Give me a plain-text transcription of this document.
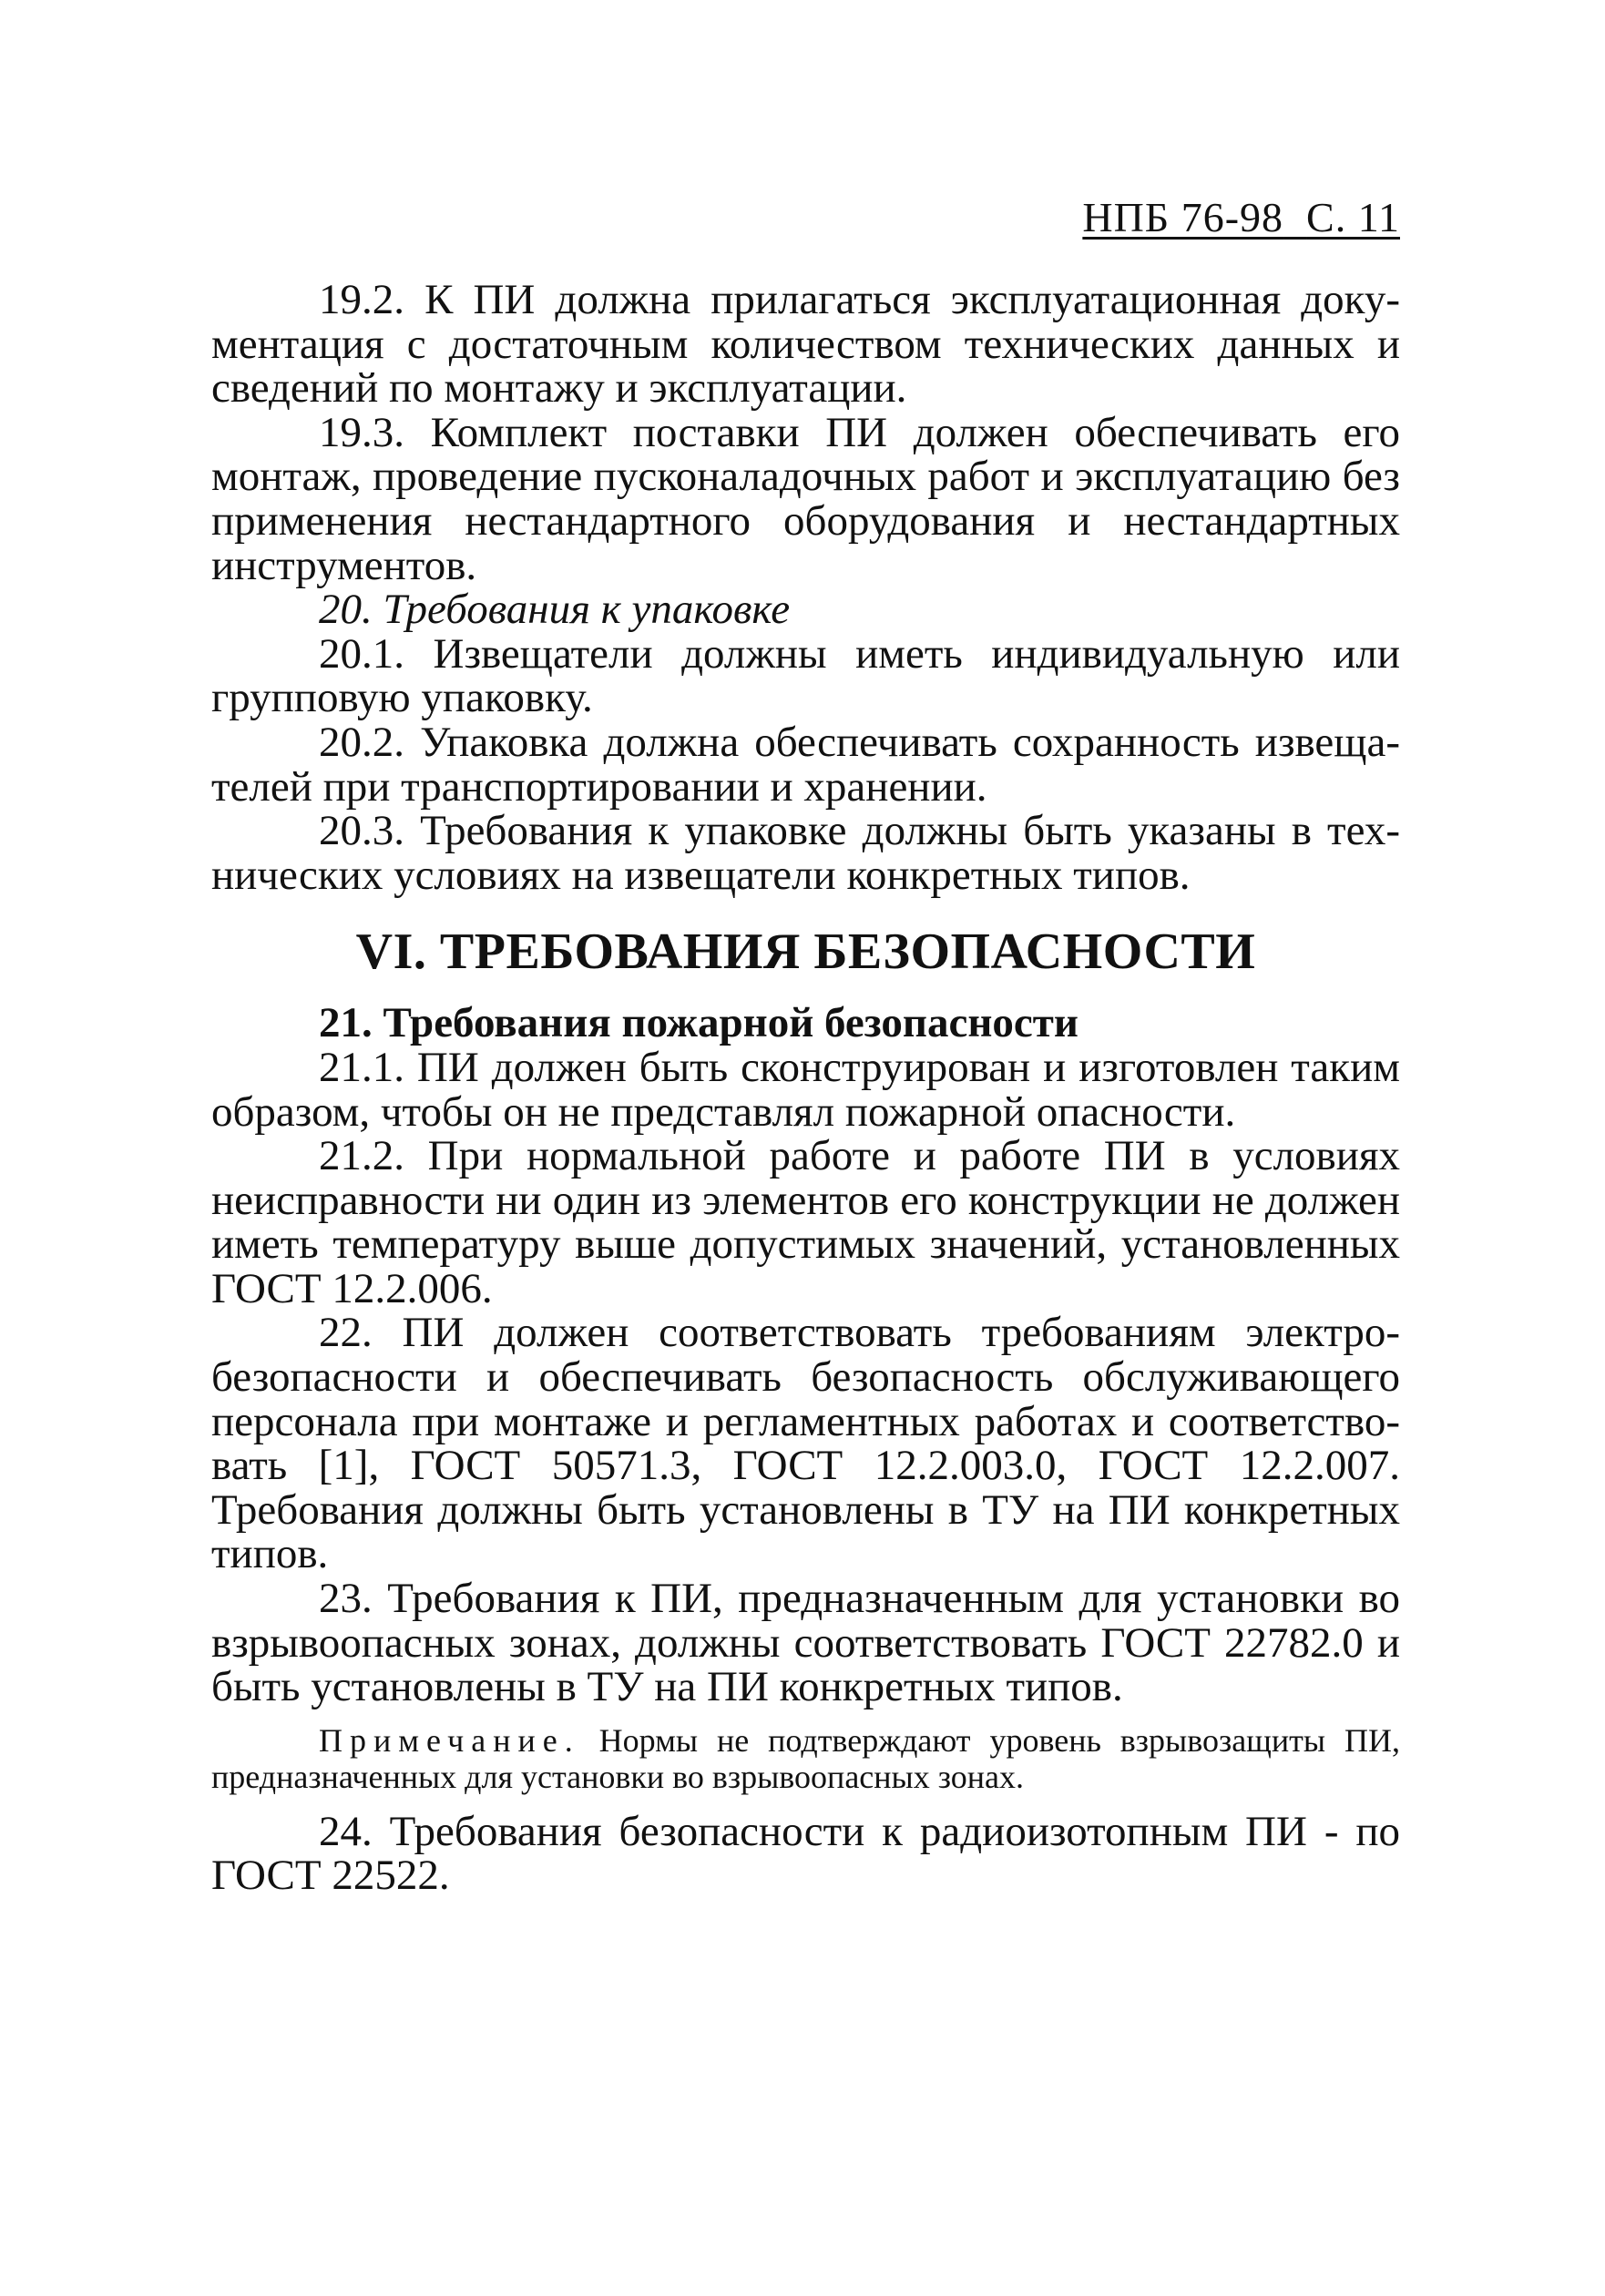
НПБ 76-98 С. 11

19.2. К ПИ должна прилагаться эксплуатационная документация с достаточным количеством технических данных и сведений по монтажу и эксплуатации.

19.3. Комплект поставки ПИ должен обеспечивать его монтаж, проведение пусконаладочных работ и эксплуатацию без применения нестандартного оборудования и нестандартных инструментов.

20. Требования к упаковке

20.1. Извещатели должны иметь индивидуальную или групповую упаковку.

20.2. Упаковка должна обеспечивать сохранность извещателей при транспортировании и хранении.

20.3. Требования к упаковке должны быть указаны в технических условиях на извещатели конкретных типов.

VI. ТРЕБОВАНИЯ БЕЗОПАСНОСТИ

21. Требования пожарной безопасности

21.1. ПИ должен быть сконструирован и изготовлен таким образом, чтобы он не представлял пожарной опасности.

21.2. При нормальной работе и работе ПИ в условиях неисправности ни один из элементов его конструкции не должен иметь температуру выше допустимых значений, установленных ГОСТ 12.2.006.

22. ПИ должен соответствовать требованиям электробезопасности и обеспечивать безопасность обслуживающего персонала при монтаже и регламентных работах и соответствовать [1], ГОСТ 50571.3, ГОСТ 12.2.003.0, ГОСТ 12.2.007. Требования должны быть установлены в ТУ на ПИ конкретных типов.

23. Требования к ПИ, предназначенным для установки во взрывоопасных зонах, должны соответствовать ГОСТ 22782.0 и быть установлены в ТУ на ПИ конкретных типов.

Примечание. Нормы не подтверждают уровень взрывозащиты ПИ, предназначенных для установки во взрывоопасных зонах.

24. Требования безопасности к радиоизотопным ПИ - по ГОСТ 22522.
